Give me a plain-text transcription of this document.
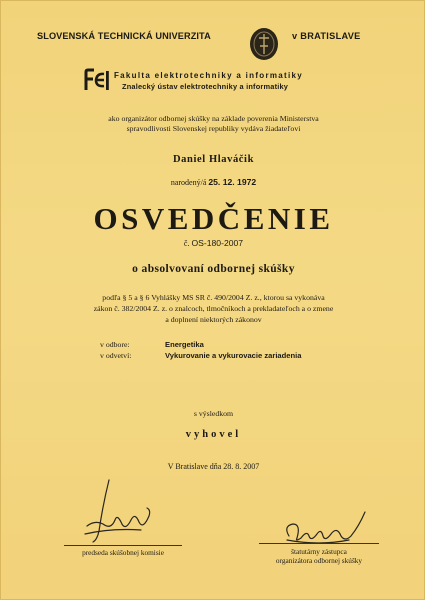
SLOVENSKÁ TECHNICKÁ UNIVERZITA	v BRATISLAVE
Fakulta elektrotechniky a informatiky
Znalecký ústav elektrotechniky a informatiky
ako organizátor odbornej skúšky na základe poverenia Ministerstva
spravodlivosti Slovenskej republiky vydáva žiadateľovi
Daniel Hlaváčik
narodený/á 25. 12. 1972
OSVEDČENIE
č. OS-180-2007
o absolvovaní odbornej skúšky
podľa § 5 a § 6 Vyhlášky MS SR č. 490/2004 Z. z., ktorou sa vykonáva
zákon č. 382/2004 Z. z. o znalcoch, tlmočníkoch a prekladateľoch a o zmene
a doplnení niektorých zákonov
v odbore:	Energetika
v odvetví:	Vykurovanie a vykurovacie zariadenia
s výsledkom
vyhovel
V Bratislave dňa 28. 8. 2007
predseda skúšobnej komisie	štatutárny zástupca
organizátora odbornej skúšky
